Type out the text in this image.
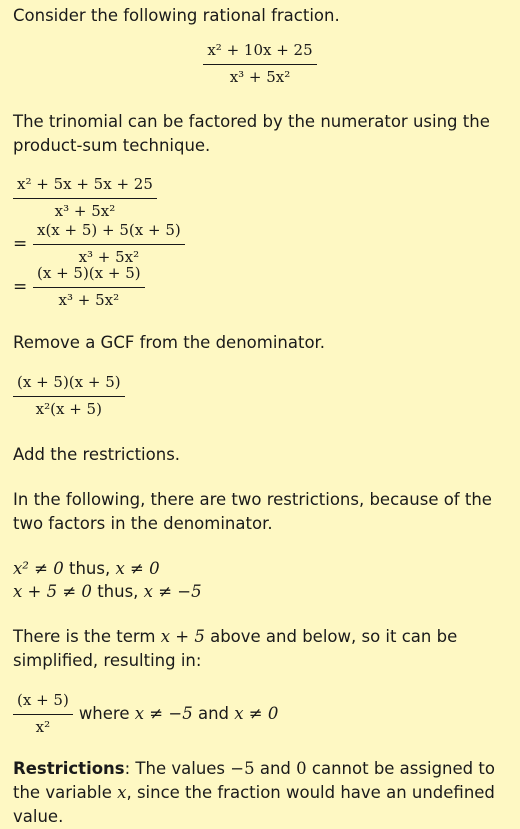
Consider the following rational fraction.

$\frac{\text{x² + 10x + 25}}{\text{x³ + 5x²}}$

The trinomial can be factored by the numerator using the product-sum technique.

$\frac{\text{x² + 5x + 5x + 25}}{\text{x³ + 5x²}}$
= $\frac{x(x + 5) + 5(x + 5)}{\text{x³ + 5x²}}$
= $\frac{(x + 5)(x + 5)}{\text{x³ + 5x²}}$

Remove a GCF from the denominator.

$\frac{(x + 5)(x + 5)}{\text{x²(x + 5)}}$

Add the restrictions.

In the following, there are two restrictions, because of the two factors in the denominator.

x² ≠ 0 thus, x ≠ 0

x + 5 ≠ 0 thus, x ≠ −5

There is the term x + 5 above and below, so it can be simplified, resulting in:

$\frac{(x + 5)}{\text{x²}}$ where x ≠ −5 and x ≠ 0

Restrictions: The values −5 and 0 cannot be assigned to the variable x, since the fraction would have an undefined value.
